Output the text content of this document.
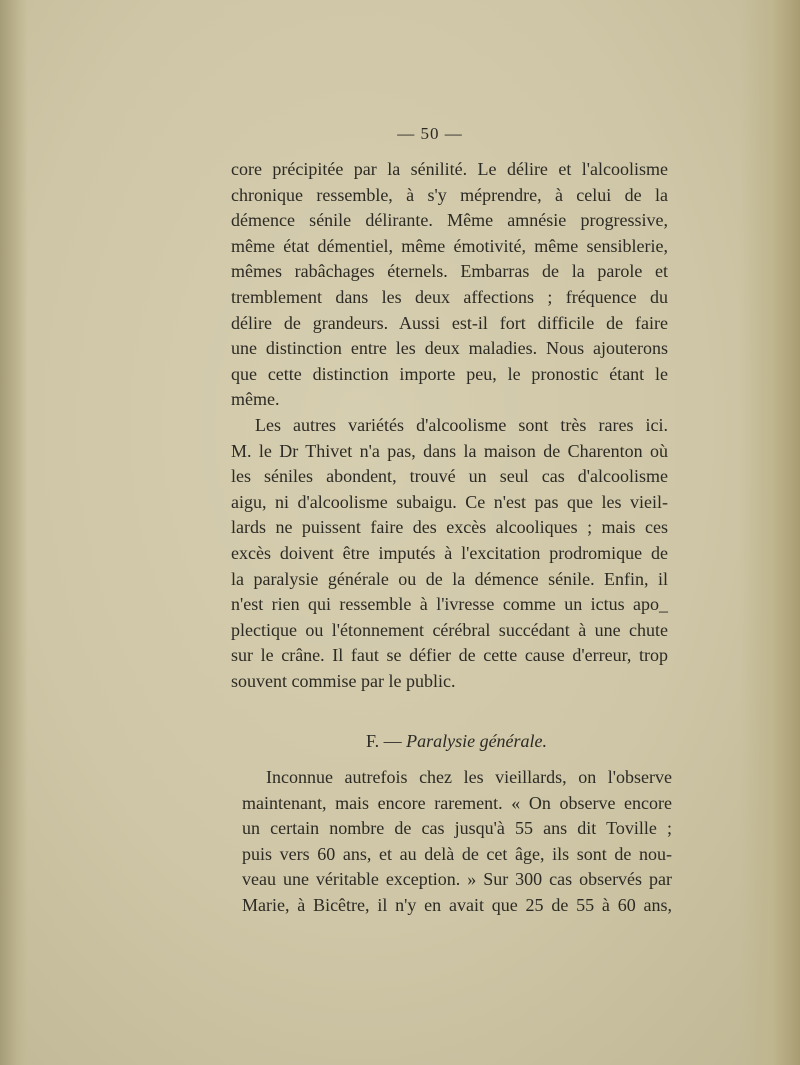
— 50 —
core précipitée par la sénilité. Le délire et l'alcoolisme
chronique ressemble, à s'y méprendre, à celui de la
démence sénile délirante. Même amnésie progressive,
même état démentiel, même émotivité, même sensiblerie,
mêmes rabâchages éternels. Embarras de la parole et
tremblement dans les deux affections ; fréquence du
délire de grandeurs. Aussi est-il fort difficile de faire
une distinction entre les deux maladies. Nous ajouterons
que cette distinction importe peu, le pronostic étant le
même.
Les autres variétés d'alcoolisme sont très rares ici.
M. le Dr Thivet n'a pas, dans la maison de Charenton où
les séniles abondent, trouvé un seul cas d'alcoolisme
aigu, ni d'alcoolisme subaigu. Ce n'est pas que les vieil-
lards ne puissent faire des excès alcooliques ; mais ces
excès doivent être imputés à l'excitation prodromique de
la paralysie générale ou de la démence sénile. Enfin, il
n'est rien qui ressemble à l'ivresse comme un ictus apo_
plectique ou l'étonnement cérébral succédant à une chute
sur le crâne. Il faut se défier de cette cause d'erreur, trop
souvent commise par le public.
F. — Paralysie générale.
Inconnue autrefois chez les vieillards, on l'observe
maintenant, mais encore rarement. « On observe encore
un certain nombre de cas jusqu'à 55 ans dit Toville ;
puis vers 60 ans, et au delà de cet âge, ils sont de nou-
veau une véritable exception. » Sur 300 cas observés par
Marie, à Bicêtre, il n'y en avait que 25 de 55 à 60 ans,
